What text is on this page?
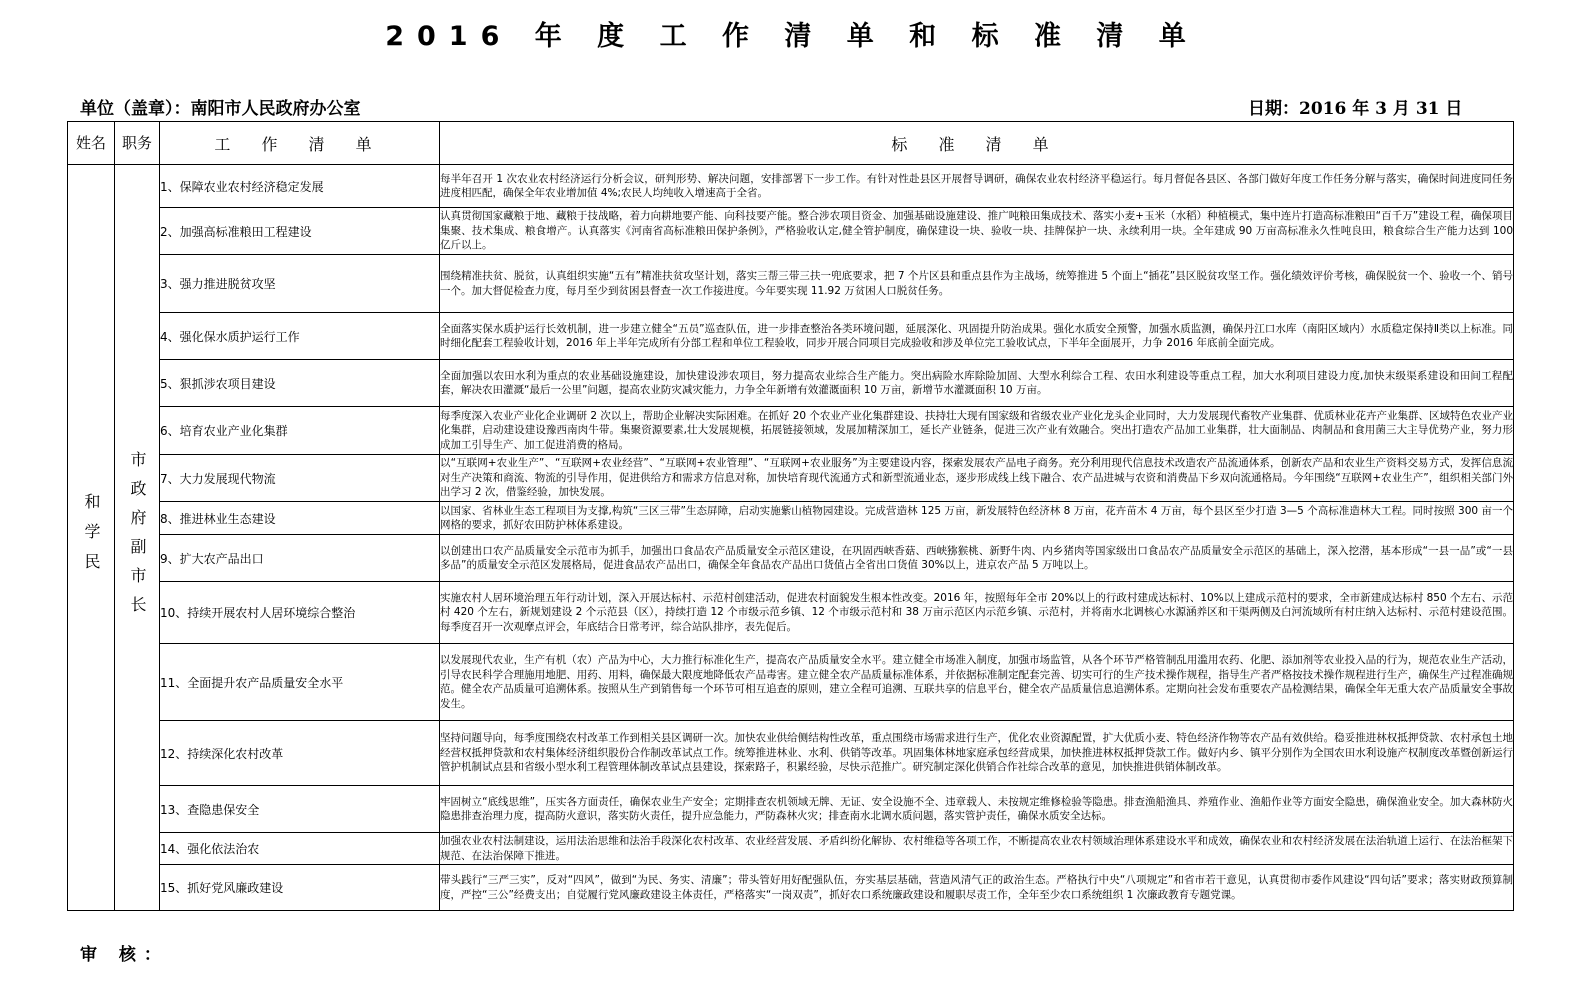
2016 年 度 工 作 清 单 和 标 准 清 单
单位（盖章）：南阳市人民政府办公室	日期：2016 年 3 月 31 日
姓名	职务	工 作 清 单	标 准 清 单

和学民	市政府副市长	1、保障农业农村经济稳定发展	每半年召开 1 次农业农村经济运行分析会议，研判形势、解决问题，安排部署下一步工作。有针对性赴县区开展督导调研，确保农业农村经济平稳运行。每月督促各县区、各部门做好年度工作任务分解与落实，确保时间进度同任务进度相匹配，确保全年农业增加值 4%;农民人均纯收入增速高于全省。
		2、加强高标准粮田工程建设	认真贯彻国家藏粮于地、藏粮于技战略，着力向耕地要产能、向科技要产能。整合涉农项目资金、加强基础设施建设、推广吨粮田集成技术、落实小麦+玉米（水稻）种植模式，集中连片打造高标准粮田“百千万”建设工程，确保项目集聚、技术集成、粮食增产。认真落实《河南省高标准粮田保护条例》，严格验收认定,健全管护制度，确保建设一块、验收一块、挂牌保护一块、永续利用一块。全年建成 90 万亩高标准永久性吨良田，粮食综合生产能力达到 100 亿斤以上。
		3、强力推进脱贫攻坚	围绕精准扶贫、脱贫，认真组织实施“五有”精准扶贫攻坚计划，落实三帮三带三扶一兜底要求，把 7 个片区县和重点县作为主战场，统筹推进 5 个面上“插花”县区脱贫攻坚工作。强化绩效评价考核，确保脱贫一个、验收一个、销号一个。加大督促检查力度，每月至少到贫困县督查一次工作接进度。今年要实现 11.92 万贫困人口脱贫任务。
		4、强化保水质护运行工作	全面落实保水质护运行长效机制，进一步建立健全“五员”巡查队伍，进一步排查整治各类环境问题，延展深化、巩固提升防治成果。强化水质安全预警，加强水质监测，确保丹江口水库（南阳区域内）水质稳定保持Ⅱ类以上标准。同时细化配套工程验收计划，2016 年上半年完成所有分部工程和单位工程验收，同步开展合同项目完成验收和涉及单位完工验收试点，下半年全面展开，力争 2016 年底前全面完成。
		5、狠抓涉农项目建设	全面加强以农田水利为重点的农业基础设施建设，加快建设涉农项目，努力提高农业综合生产能力。突出病险水库除险加固、大型水利综合工程、农田水利建设等重点工程，加大水利项目建设力度,加快末级渠系建设和田间工程配套，解决农田灌溉“最后一公里”问题，提高农业防灾减灾能力，力争全年新增有效灌溉面积 10 万亩，新增节水灌溉面积 10 万亩。
		6、培育农业产业化集群	每季度深入农业产业化企业调研 2 次以上，帮助企业解决实际困难。在抓好 20 个农业产业化集群建设、扶持壮大现有国家级和省级农业产业化龙头企业同时，大力发展现代畜牧产业集群、优质林业花卉产业集群、区域特色农业产业化集群，启动建设建设豫西南肉牛带。集聚资源要素,壮大发展规模，拓展链接领域，发展加精深加工，延长产业链条，促进三次产业有效融合。突出打造农产品加工业集群，壮大面制品、肉制品和食用菌三大主导优势产业，努力形成加工引导生产、加工促进消费的格局。
		7、大力发展现代物流	以“互联网+农业生产”、“互联网+农业经营”、“互联网+农业管理”、“互联网+农业服务”为主要建设内容，探索发展农产品电子商务。充分利用现代信息技术改造农产品流通体系，创新农产品和农业生产资料交易方式，发挥信息流对生产决策和商流、物流的引导作用，促进供给方和需求方信息对称，加快培育现代流通方式和新型流通业态，逐步形成线上线下融合、农产品进城与农资和消费品下乡双向流通格局。今年围绕“互联网+农业生产”，组织相关部门外出学习 2 次，借鉴经验，加快发展。
		8、推进林业生态建设	以国家、省林业生态工程项目为支撑,构筑“三区三带”生态屏障，启动实施紫山植物园建设。完成营造林 125 万亩，新发展特色经济林 8 万亩，花卉苗木 4 万亩，每个县区至少打造 3—5 个高标准造林大工程。同时按照 300 亩一个网格的要求，抓好农田防护林体系建设。
		9、扩大农产品出口	以创建出口农产品质量安全示范市为抓手，加强出口食品农产品质量安全示范区建设，在巩固西峡香菇、西峡猕猴桃、新野牛肉、内乡猪肉等国家级出口食品农产品质量安全示范区的基础上，深入挖潜，基本形成“一县一品”或“一县多品”的质量安全示范区发展格局，促进食品农产品出口，确保全年食品农产品出口货值占全省出口货值 30%以上，进京农产品 5 万吨以上。
		10、持续开展农村人居环境综合整治	实施农村人居环境治理五年行动计划，深入开展达标村、示范村创建活动，促进农村面貌发生根本性改变。2016 年，按照每年全市 20%以上的行政村建成达标村、10%以上建成示范村的要求，全市新建成达标村 850 个左右、示范村 420 个左右，新规划建设 2 个示范县（区），持续打造 12 个市级示范乡镇、12 个市级示范村和 38 万亩示范区内示范乡镇、示范村，并将南水北调核心水源涵养区和干渠两侧及白河流域所有村庄纳入达标村、示范村建设范围。每季度召开一次观摩点评会，年底结合日常考评，综合站队排序，表先促后。
		11、全面提升农产品质量安全水平	以发展现代农业，生产有机（农）产品为中心，大力推行标准化生产，提高农产品质量安全水平。建立健全市场准入制度，加强市场监管，从各个环节严格管制乱用滥用农药、化肥、添加剂等农业投入品的行为，规范农业生产活动，引导农民科学合理施用地肥、用药、用料，确保最大限度地降低农产品毒害。建立健全农产品质量标准体系，并依据标准制定配套完善、切实可行的生产技术操作规程，指导生产者严格按技术操作规程进行生产，确保生产过程准确规范。健全农产品质量可追溯体系。按照从生产到销售每一个环节可相互追查的原则，建立全程可追溯、互联共享的信息平台，健全农产品质量信息追溯体系。定期向社会发布重要农产品检测结果，确保全年无重大农产品质量安全事故发生。
		12、持续深化农村改革	坚持问题导向，每季度围绕农村改革工作到相关县区调研一次。加快农业供给侧结构性改革，重点围绕市场需求进行生产，优化农业资源配置，扩大优质小麦、特色经济作物等农产品有效供给。稳妥推进林权抵押贷款、农村承包土地经营权抵押贷款和农村集体经济组织股份合作制改革试点工作。统筹推进林业、水利、供销等改革。巩固集体林地家庭承包经营成果，加快推进林权抵押贷款工作。做好内乡、镇平分别作为全国农田水利设施产权制度改革暨创新运行管护机制试点县和省级小型水利工程管理体制改革试点县建设，探索路子，积累经验，尽快示范推广。研究制定深化供销合作社综合改革的意见，加快推进供销体制改革。
		13、查隐患保安全	牢固树立“底线思维”，压实各方面责任，确保农业生产安全；定期排查农机领域无牌、无证、安全设施不全、违章载人、未按规定维修检验等隐患。排查渔船渔具、养殖作业、渔船作业等方面安全隐患，确保渔业安全。加大森林防火隐患排查治理力度，提高防火意识，落实防火责任，提升应急能力，严防森林火灾；排查南水北调水质问题，落实管护责任，确保水质安全达标。
		14、强化依法治农	加强农业农村法制建设，运用法治思维和法治手段深化农村改革、农业经营发展、矛盾纠纷化解协、农村维稳等各项工作，不断提高农业农村领域治理体系建设水平和成效，确保农业和农村经济发展在法治轨道上运行、在法治框架下规范、在法治保障下推进。
		15、抓好党风廉政建设	带头践行“三严三实”，反对“四风”，做到“为民、务实、清廉”；带头管好用好配强队伍，夯实基层基础，营造风清气正的政治生态。严格执行中央“八项规定”和省市若干意见，认真贯彻市委作风建设“四句话”要求；落实财政预算制度，严控“三公”经费支出；自觉履行党风廉政建设主体责任，严格落实“一岗双责”，抓好农口系统廉政建设和履职尽责工作，全年至少农口系统组织 1 次廉政教育专题党课。
审 核：
